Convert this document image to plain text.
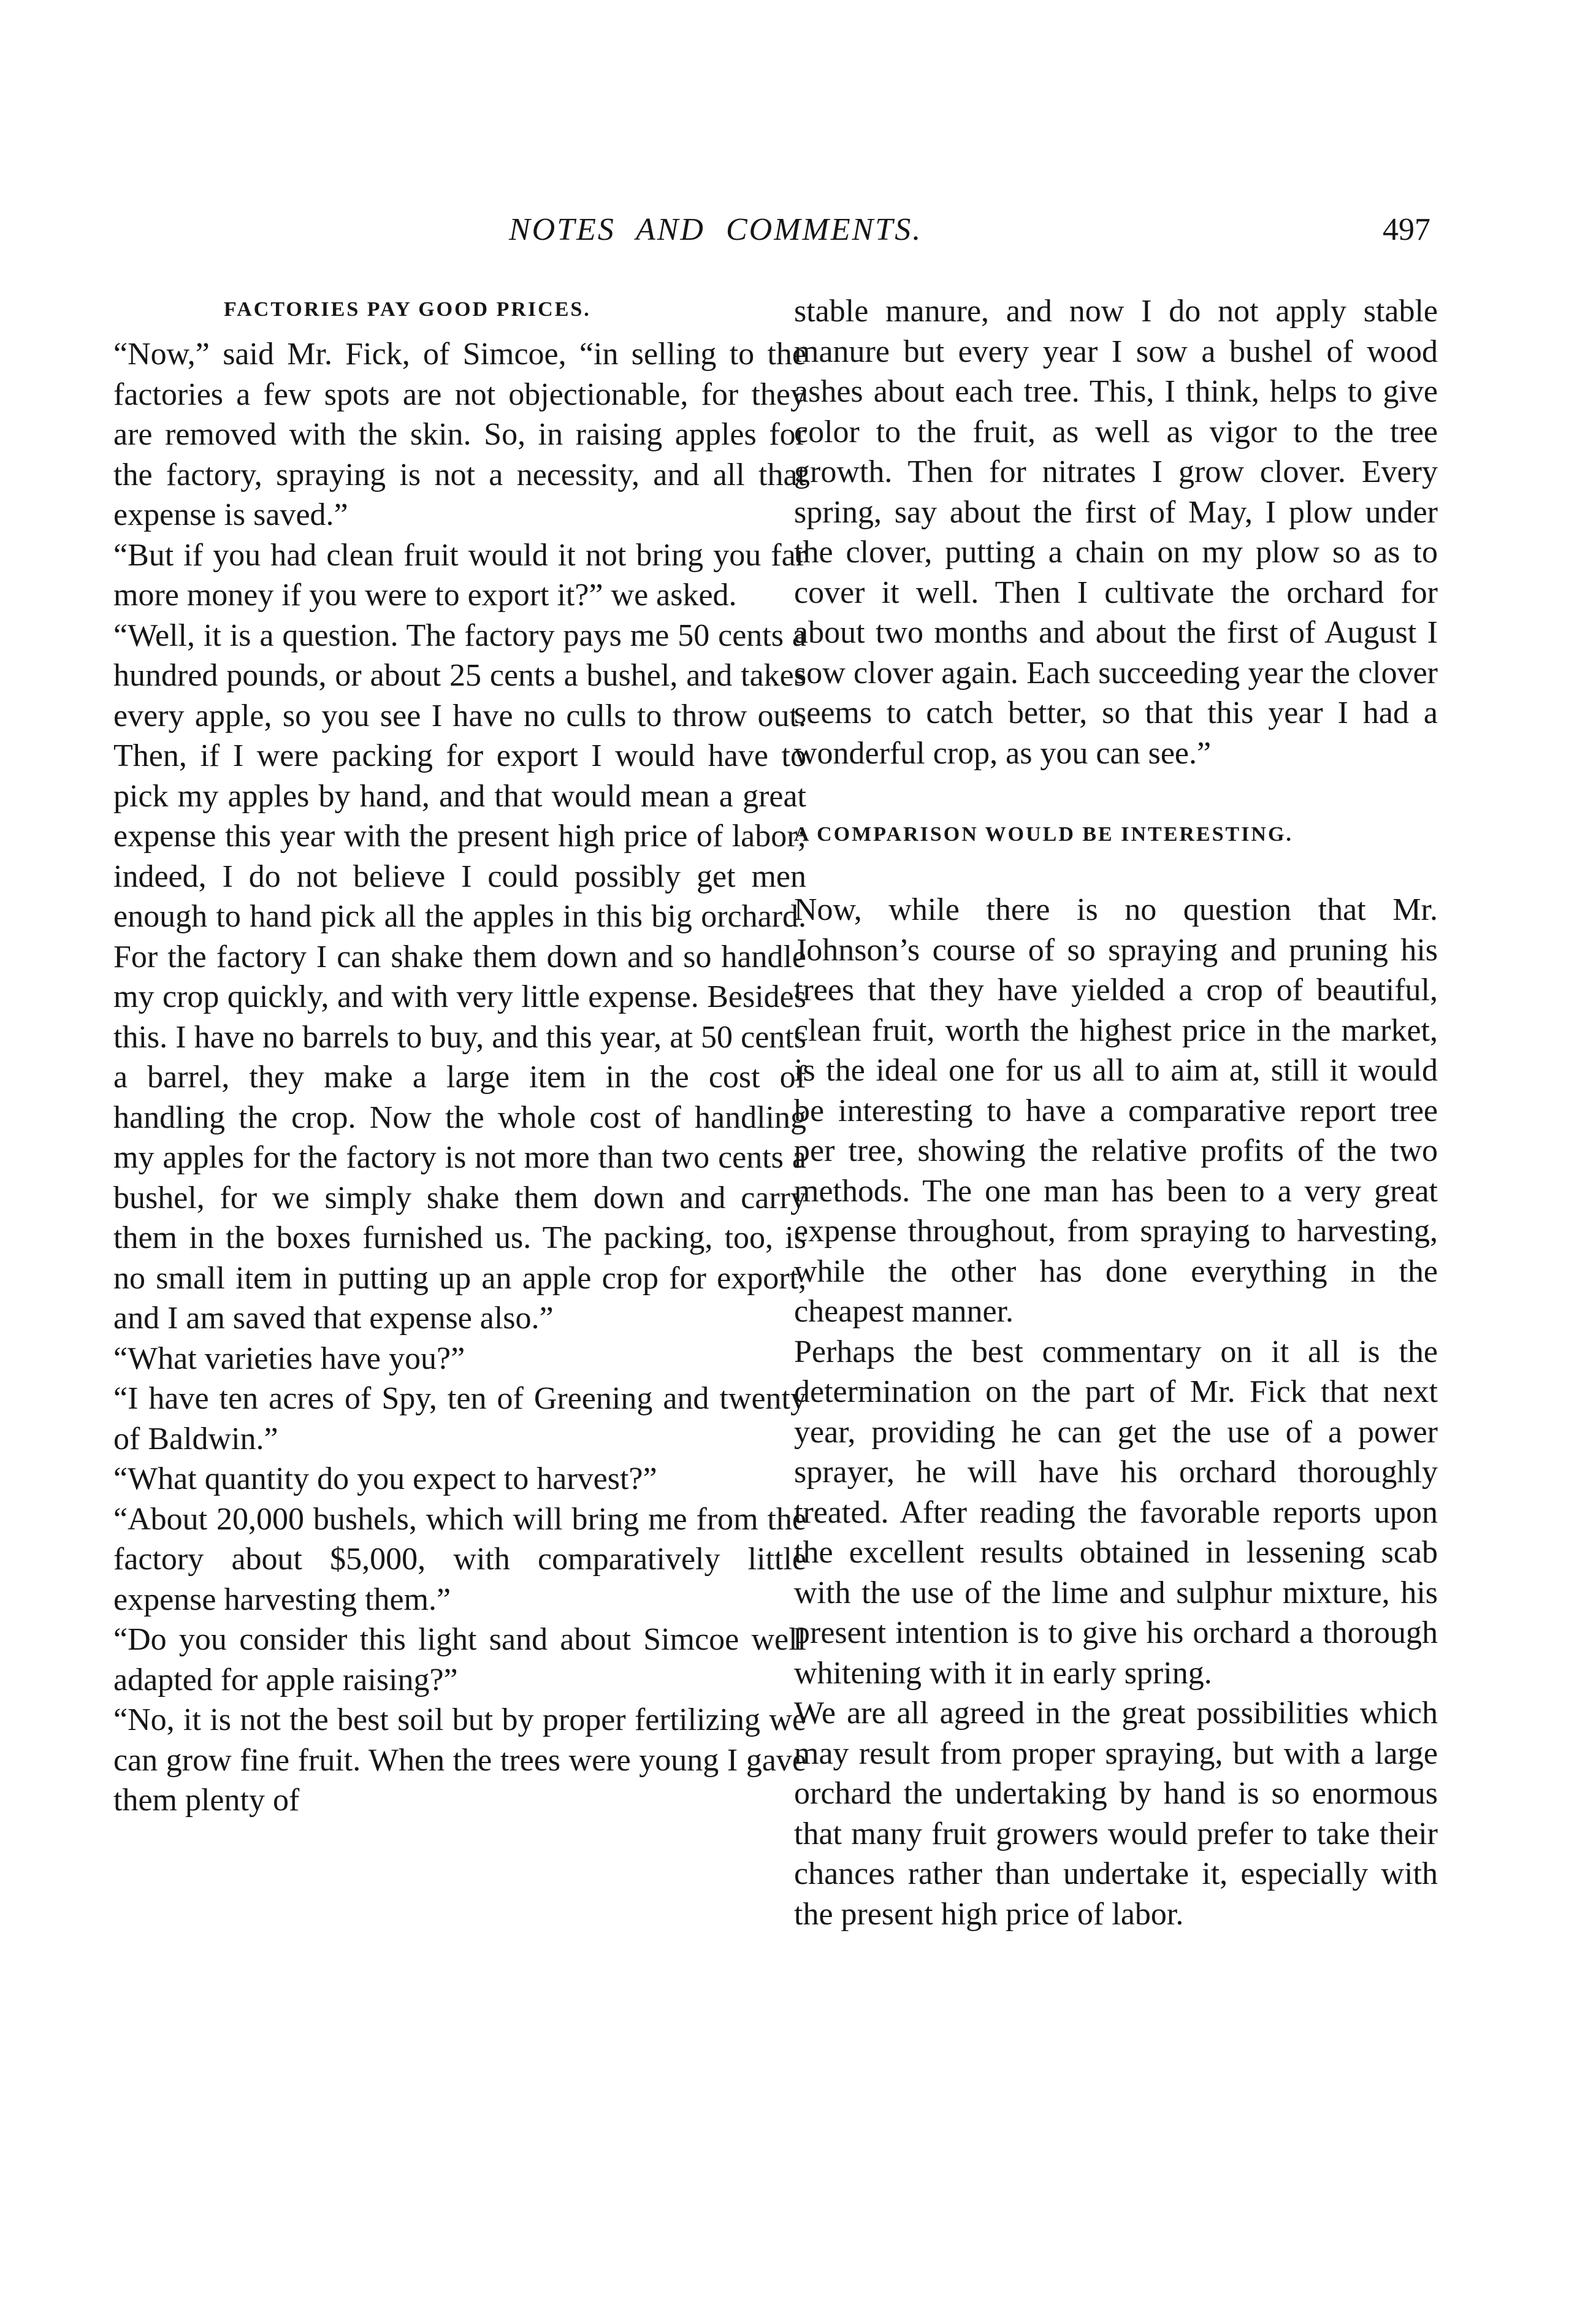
NOTES AND COMMENTS.	497
FACTORIES PAY GOOD PRICES.

“Now,” said Mr. Fick, of Simcoe, “in selling to the factories a few spots are not objectionable, for they are removed with the skin. So, in raising apples for the factory, spraying is not a necessity, and all that expense is saved.”

“But if you had clean fruit would it not bring you far more money if you were to export it?” we asked.

“Well, it is a question. The factory pays me 50 cents a hundred pounds, or about 25 cents a bushel, and takes every apple, so you see I have no culls to throw out. Then, if I were packing for export I would have to pick my apples by hand, and that would mean a great expense this year with the present high price of labor; indeed, I do not believe I could possibly get men enough to hand pick all the apples in this big orchard. For the factory I can shake them down and so handle my crop quickly, and with very little expense. Besides this. I have no barrels to buy, and this year, at 50 cents a barrel, they make a large item in the cost of handling the crop. Now the whole cost of handling my apples for the factory is not more than two cents a bushel, for we simply shake them down and carry them in the boxes furnished us. The packing, too, is no small item in putting up an apple crop for export, and I am saved that expense also.”

“What varieties have you?”

“I have ten acres of Spy, ten of Greening and twenty of Baldwin.”

“What quantity do you expect to harvest?”

“About 20,000 bushels, which will bring me from the factory about $5,000, with comparatively little expense harvesting them.”

“Do you consider this light sand about Simcoe well adapted for apple raising?”

“No, it is not the best soil but by proper fertilizing we can grow fine fruit. When the trees were young I gave them plenty of

stable manure, and now I do not apply stable manure but every year I sow a bushel of wood ashes about each tree. This, I think, helps to give color to the fruit, as well as vigor to the tree growth. Then for nitrates I grow clover. Every spring, say about the first of May, I plow under the clover, putting a chain on my plow so as to cover it well. Then I cultivate the orchard for about two months and about the first of August I sow clover again. Each succeeding year the clover seems to catch better, so that this year I had a wonderful crop, as you can see.”

A COMPARISON WOULD BE INTERESTING.

Now, while there is no question that Mr. Johnson’s course of so spraying and pruning his trees that they have yielded a crop of beautiful, clean fruit, worth the highest price in the market, is the ideal one for us all to aim at, still it would be interesting to have a comparative report tree per tree, showing the relative profits of the two methods. The one man has been to a very great expense throughout, from spraying to harvesting, while the other has done everything in the cheapest manner.

Perhaps the best commentary on it all is the determination on the part of Mr. Fick that next year, providing he can get the use of a power sprayer, he will have his orchard thoroughly treated. After reading the favorable reports upon the excellent results obtained in lessening scab with the use of the lime and sulphur mixture, his present intention is to give his orchard a thorough whitening with it in early spring.

We are all agreed in the great possibilities which may result from proper spraying, but with a large orchard the undertaking by hand is so enormous that many fruit growers would prefer to take their chances rather than undertake it, especially with the present high price of labor.
